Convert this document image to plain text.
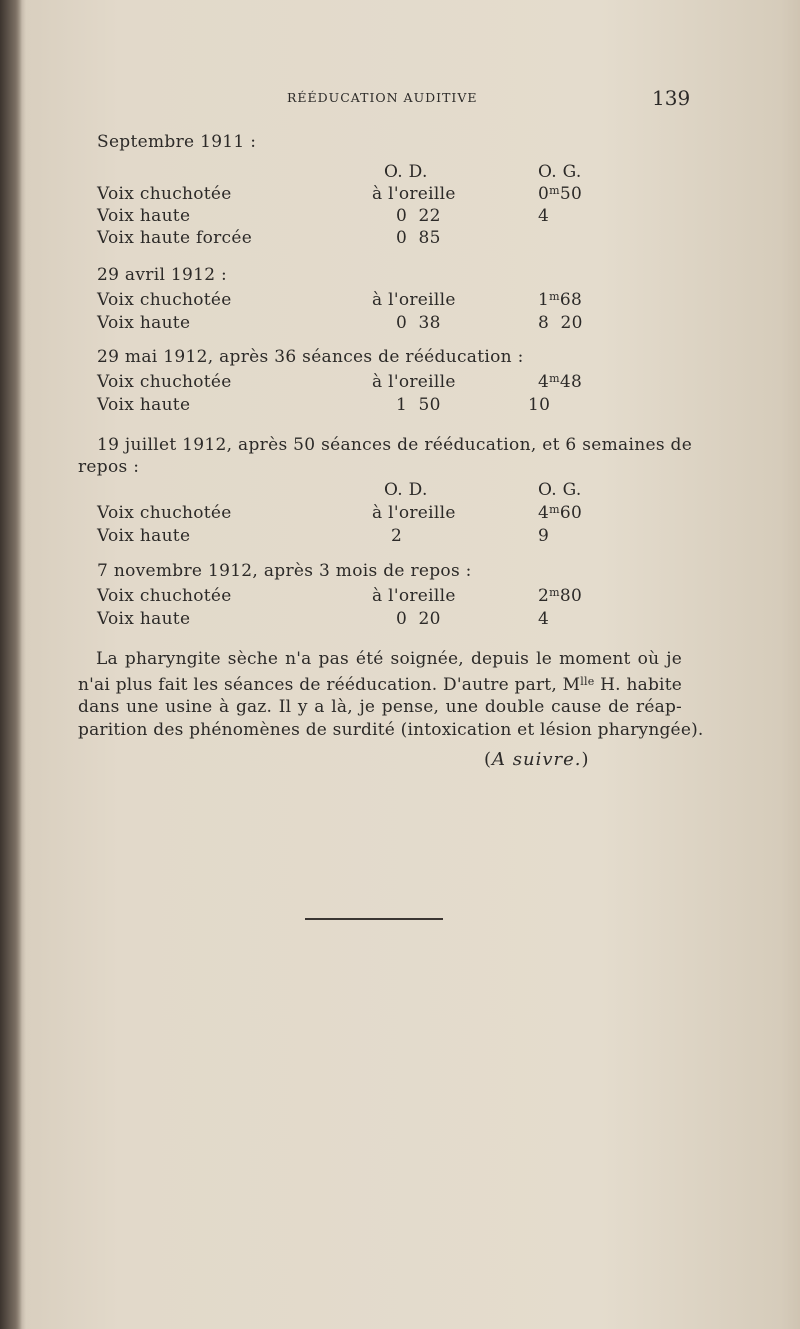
RÉÉDUCATION AUDITIVE	139
Septembre 1911 :
O. D.	O. G.
Voix chuchotée	à l'oreille	0$^m$50
Voix haute	0  22	4
Voix haute forcée	0  85
29 avril 1912 :
Voix chuchotée	à l'oreille	1$^m$68
Voix haute	0  38	8  20
29 mai 1912, après 36 séances de rééducation :
Voix chuchotée	à l'oreille	4$^m$48
Voix haute	1  50	10
19 juillet 1912, après 50 séances de rééducation, et 6 semaines de
repos :
O. D.	O. G.
Voix chuchotée	à l'oreille	4$^m$60
Voix haute	2	9
7 novembre 1912, après 3 mois de repos :
Voix chuchotée	à l'oreille	2$^m$80
Voix haute	0  20	4
La pharyngite sèche n'a pas été soignée, depuis le moment où je
n'ai plus fait les séances de rééducation. D'autre part, $M^{lle}$ H. habite
dans une usine à gaz. Il y a là, je pense, une double cause de réap-
parition des phénomènes de surdité (intoxication et lésion pharyngée).
(A suivre.)
